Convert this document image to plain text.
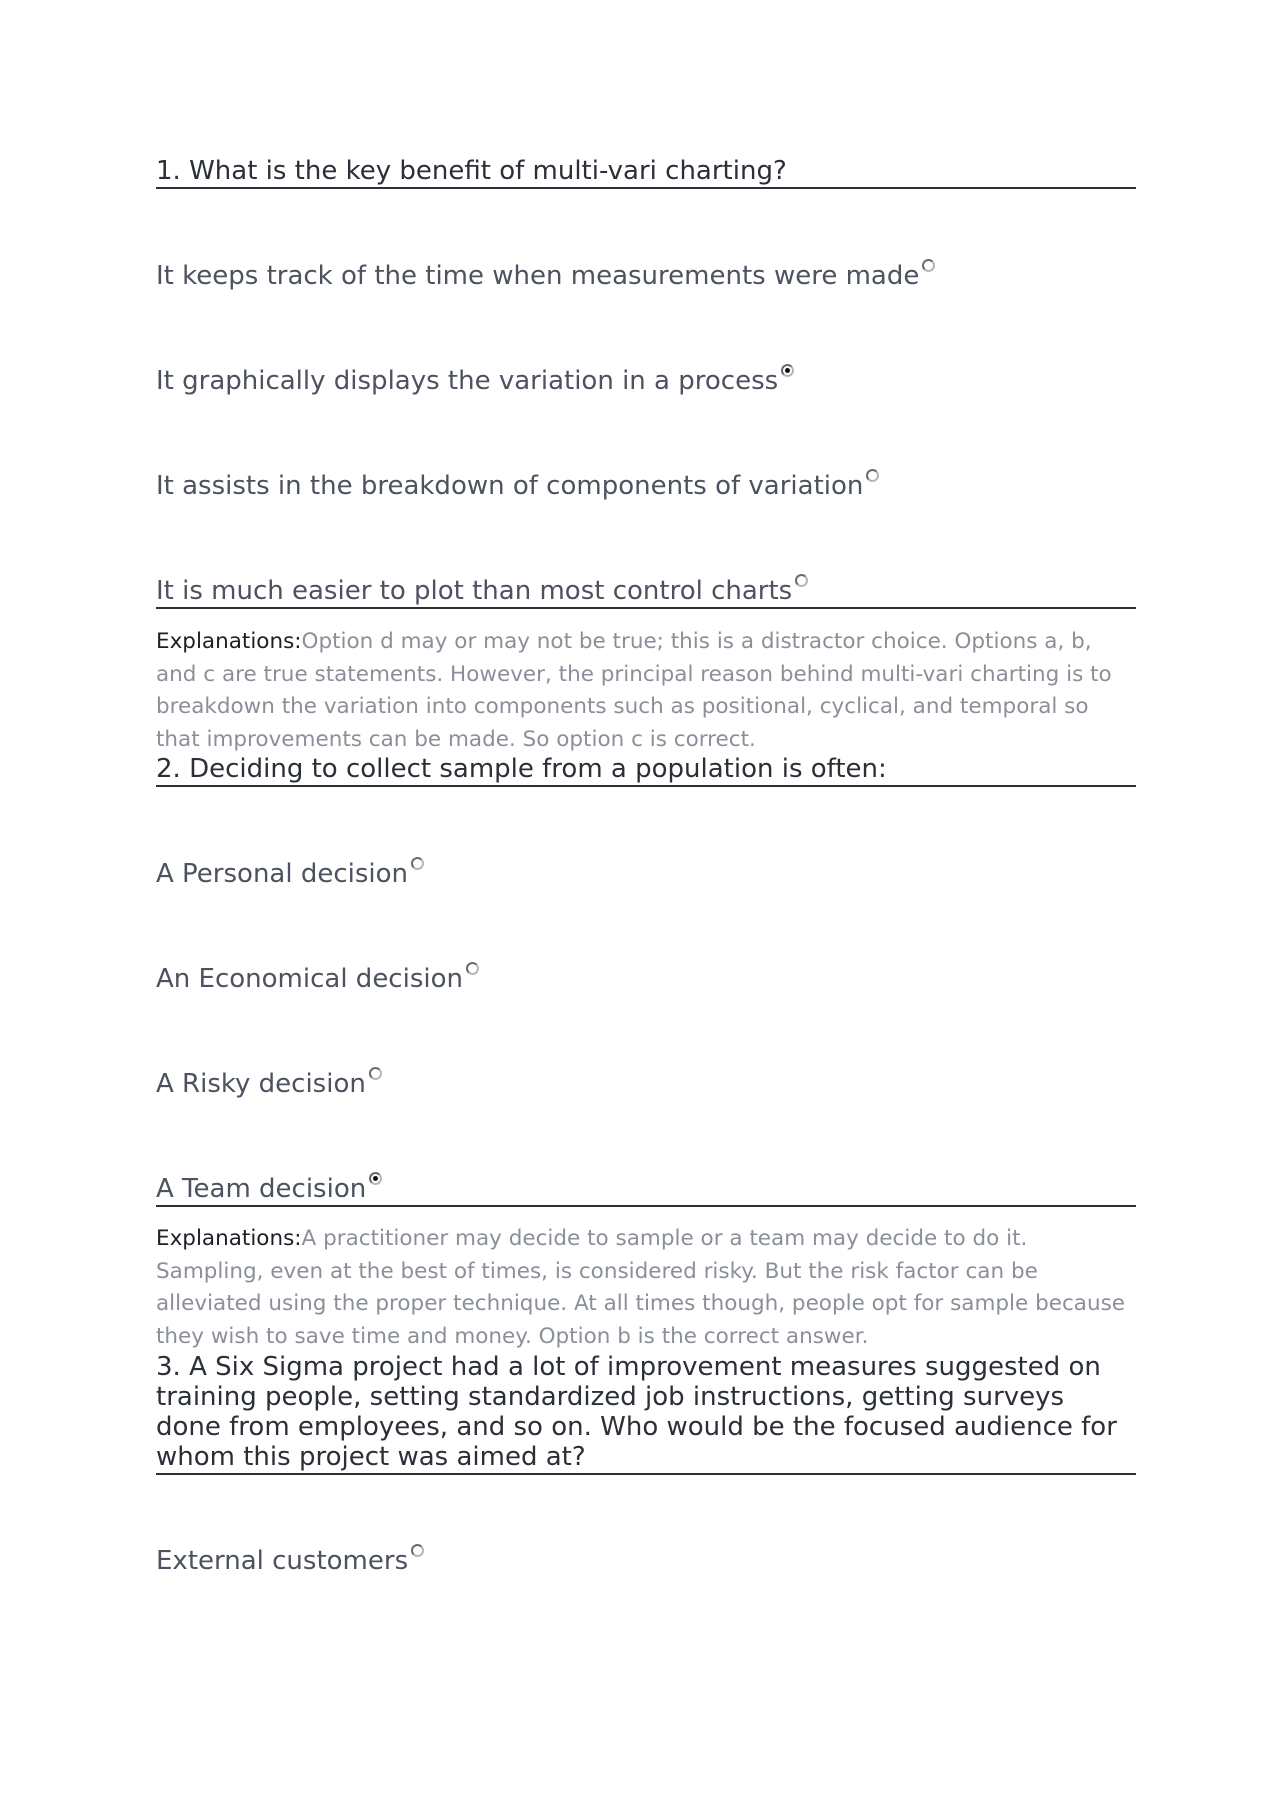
1. What is the key benefit of multi-vari charting?
It keeps track of the time when measurements were made
It graphically displays the variation in a process
It assists in the breakdown of components of variation
It is much easier to plot than most control charts
Explanations:Option d may or may not be true; this is a distractor choice. Options a, b, and c are true statements. However, the principal reason behind multi-vari charting is to breakdown the variation into components such as positional, cyclical, and temporal so that improvements can be made. So option c is correct.
2. Deciding to collect sample from a population is often:
A Personal decision
An Economical decision
A Risky decision
A Team decision
Explanations:A practitioner may decide to sample or a team may decide to do it. Sampling, even at the best of times, is considered risky. But the risk factor can be alleviated using the proper technique. At all times though, people opt for sample because they wish to save time and money. Option b is the correct answer.
3. A Six Sigma project had a lot of improvement measures suggested on training people, setting standardized job instructions, getting surveys done from employees, and so on. Who would be the focused audience for whom this project was aimed at?
External customers
